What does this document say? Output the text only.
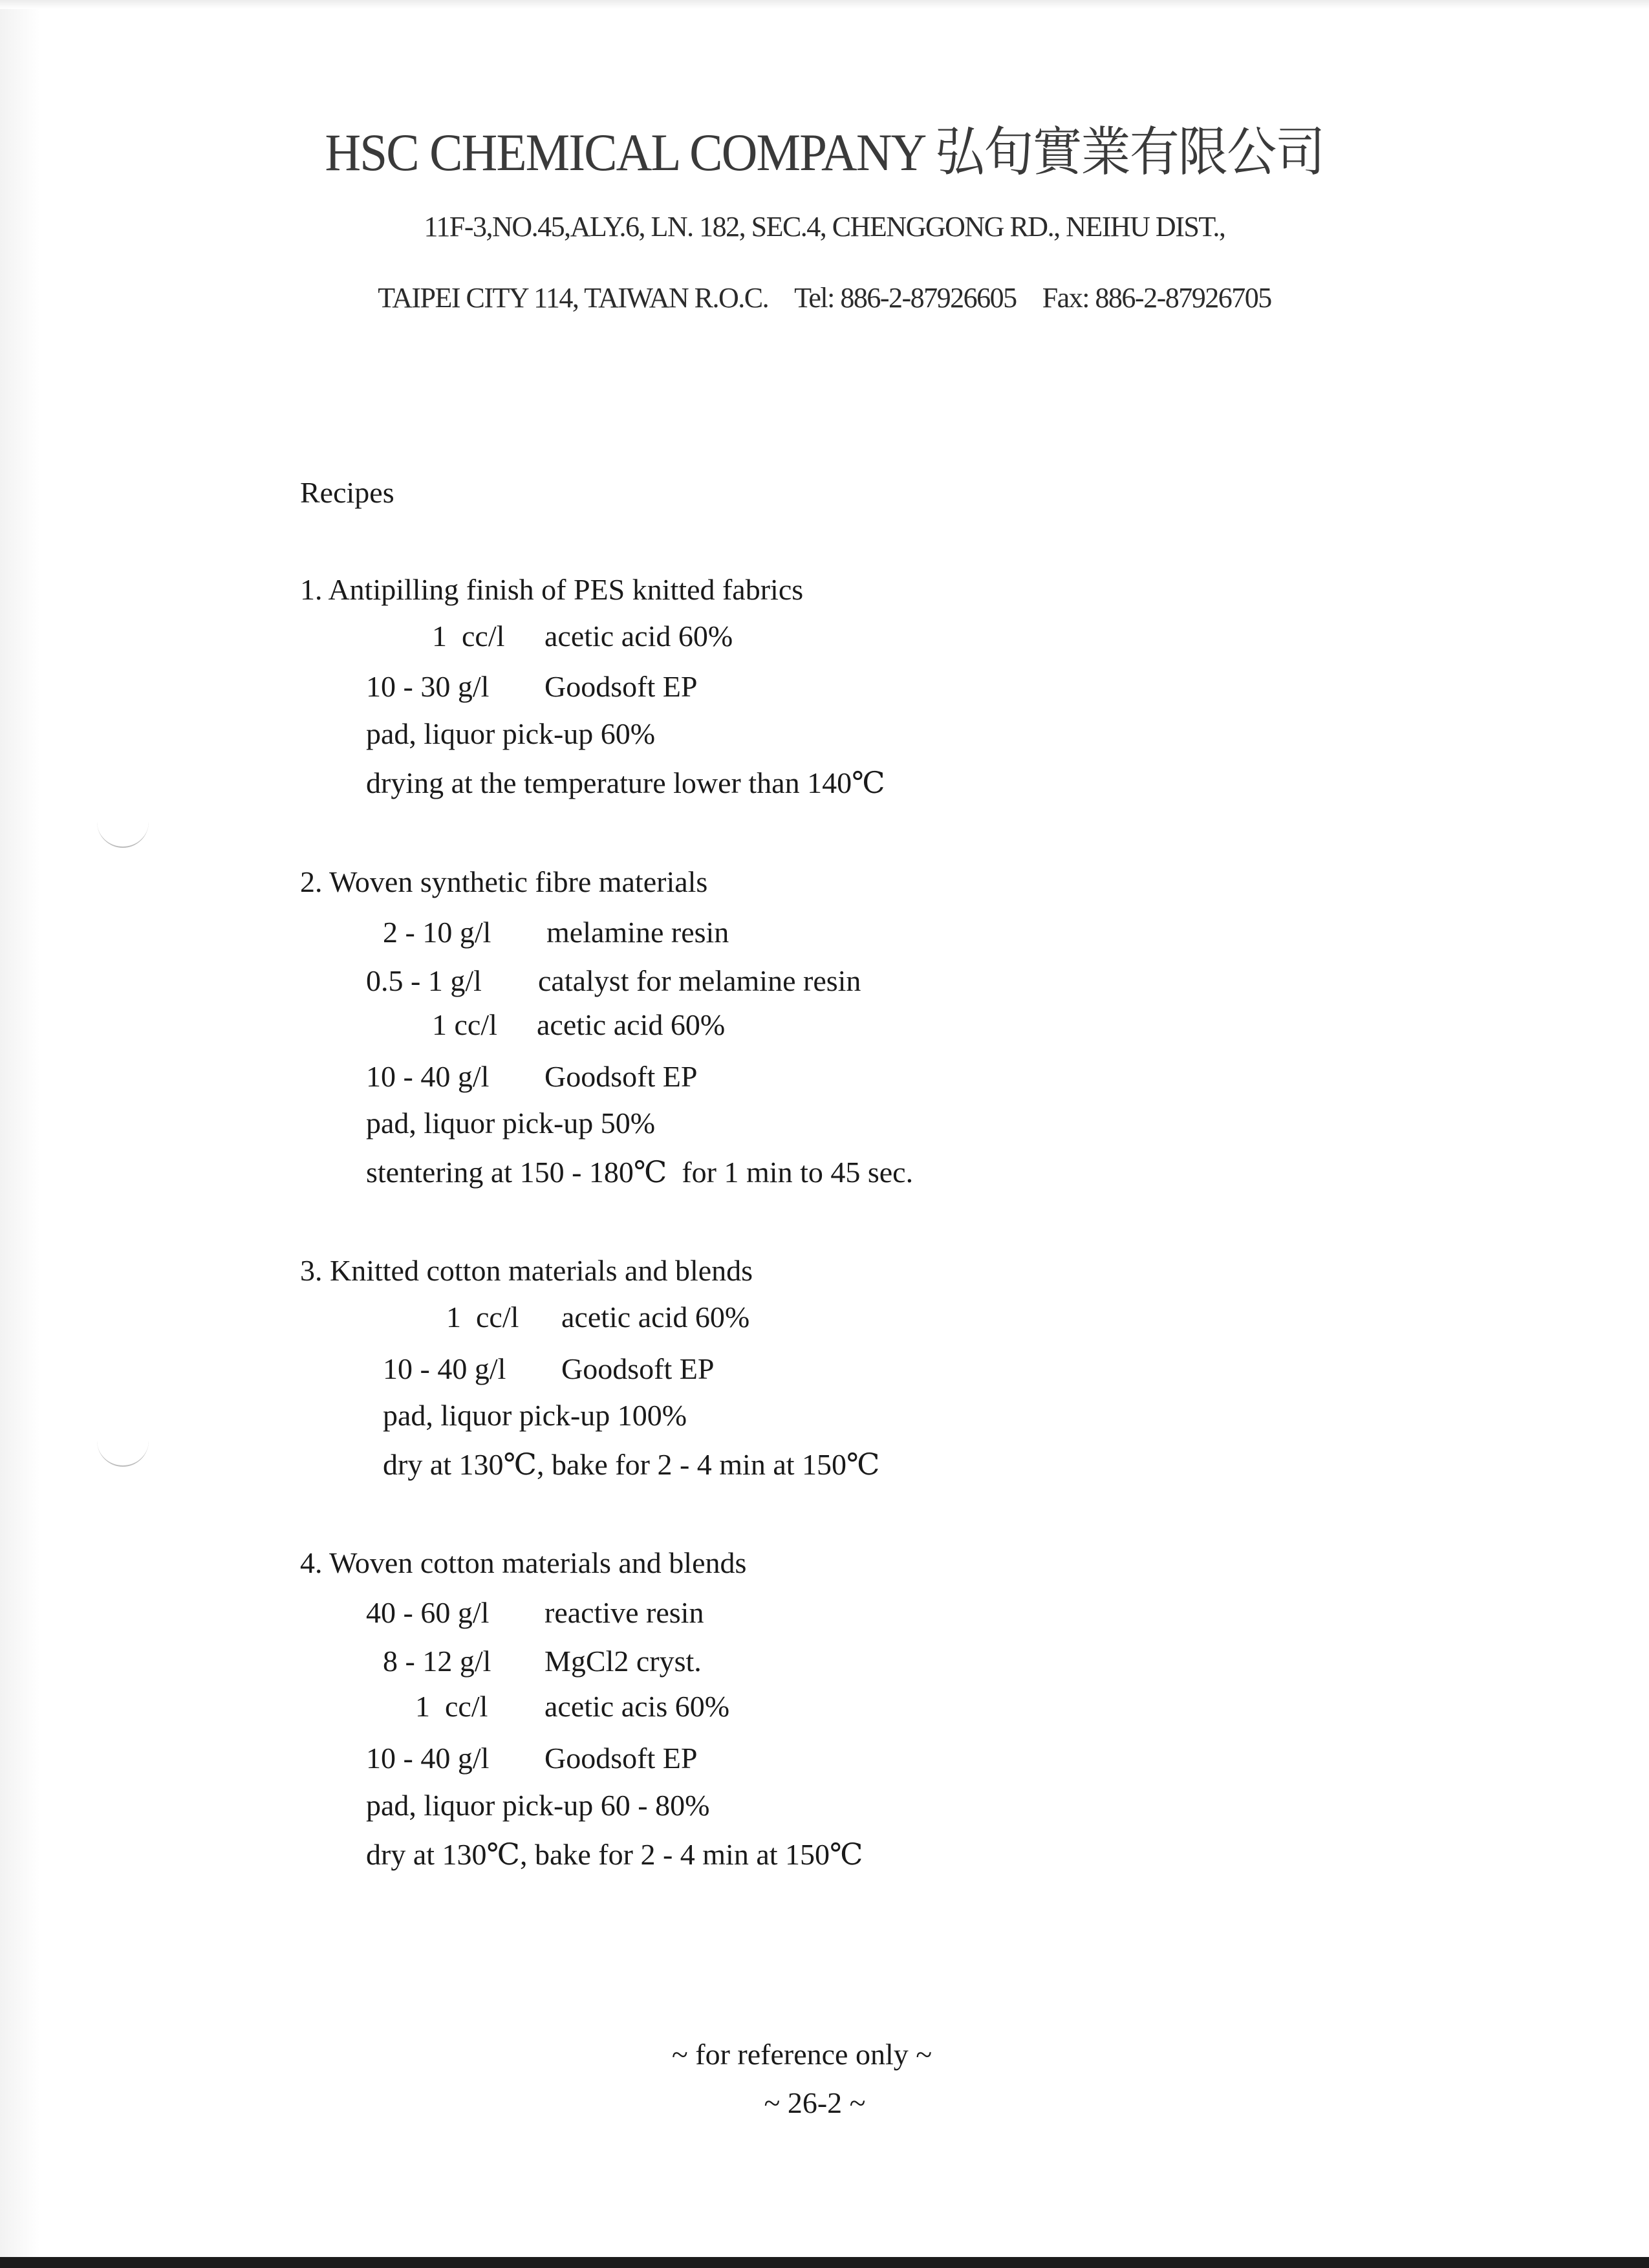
HSC CHEMICAL COMPANY 弘旬實業有限公司
11F-3,NO.45,ALY.6, LN. 182, SEC.4, CHENGGONG RD., NEIHU DIST.,
TAIPEI CITY 114, TAIWAN R.O.C. Tel: 886-2-87926605 Fax: 886-2-87926705
Recipes
1. Antipilling finish of PES knitted fabrics
1  cc/l acetic acid 60%
10 - 30 g/l Goodsoft EP
pad, liquor pick-up 60%
drying at the temperature lower than 140℃
2. Woven synthetic fibre materials
2 - 10 g/l melamine resin
0.5 - 1 g/l catalyst for melamine resin
1 cc/l acetic acid 60%
10 - 40 g/l Goodsoft EP
pad, liquor pick-up 50%
stentering at 150 - 180℃  for 1 min to 45 sec.
3. Knitted cotton materials and blends
1  cc/l acetic acid 60%
10 - 40 g/l Goodsoft EP
pad, liquor pick-up 100%
dry at 130℃, bake for 2 - 4 min at 150℃
4. Woven cotton materials and blends
40 - 60 g/l reactive resin
8 - 12 g/l MgCl2 cryst.
1  cc/l acetic acis 60%
10 - 40 g/l Goodsoft EP
pad, liquor pick-up 60 - 80%
dry at 130℃, bake for 2 - 4 min at 150℃
~ for reference only ~
~ 26-2 ~
